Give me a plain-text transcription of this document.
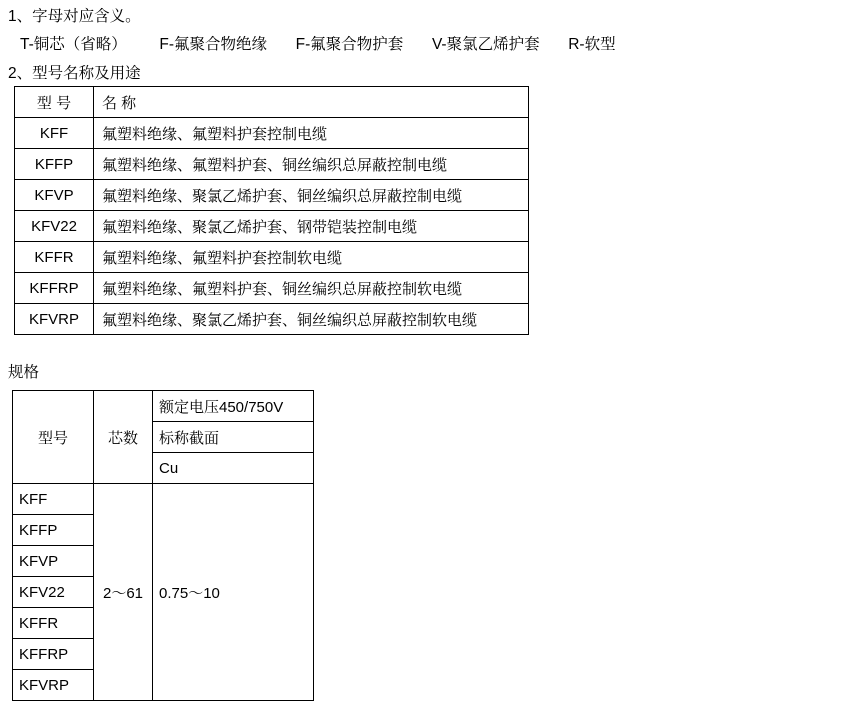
1、字母对应含义。
T-铜芯（省略） F-氟聚合物绝缘 F-氟聚合物护套 V-聚氯乙烯护套 R-软型
2、型号名称及用途
型 号	名 称
KFF	氟塑料绝缘、氟塑料护套控制电缆
KFFP	氟塑料绝缘、氟塑料护套、铜丝编织总屏蔽控制电缆
KFVP	氟塑料绝缘、聚氯乙烯护套、铜丝编织总屏蔽控制电缆
KFV22	氟塑料绝缘、聚氯乙烯护套、钢带铠装控制电缆
KFFR	氟塑料绝缘、氟塑料护套控制软电缆
KFFRP	氟塑料绝缘、氟塑料护套、铜丝编织总屏蔽控制软电缆
KFVRP	氟塑料绝缘、聚氯乙烯护套、铜丝编织总屏蔽控制软电缆
规格
型号	芯数	额定电压450/750V
		标称截面
		Cu
KFF	2～61	0.75～10
KFFP		
KFVP		
KFV22		
KFFR		
KFFRP		
KFVRP		
